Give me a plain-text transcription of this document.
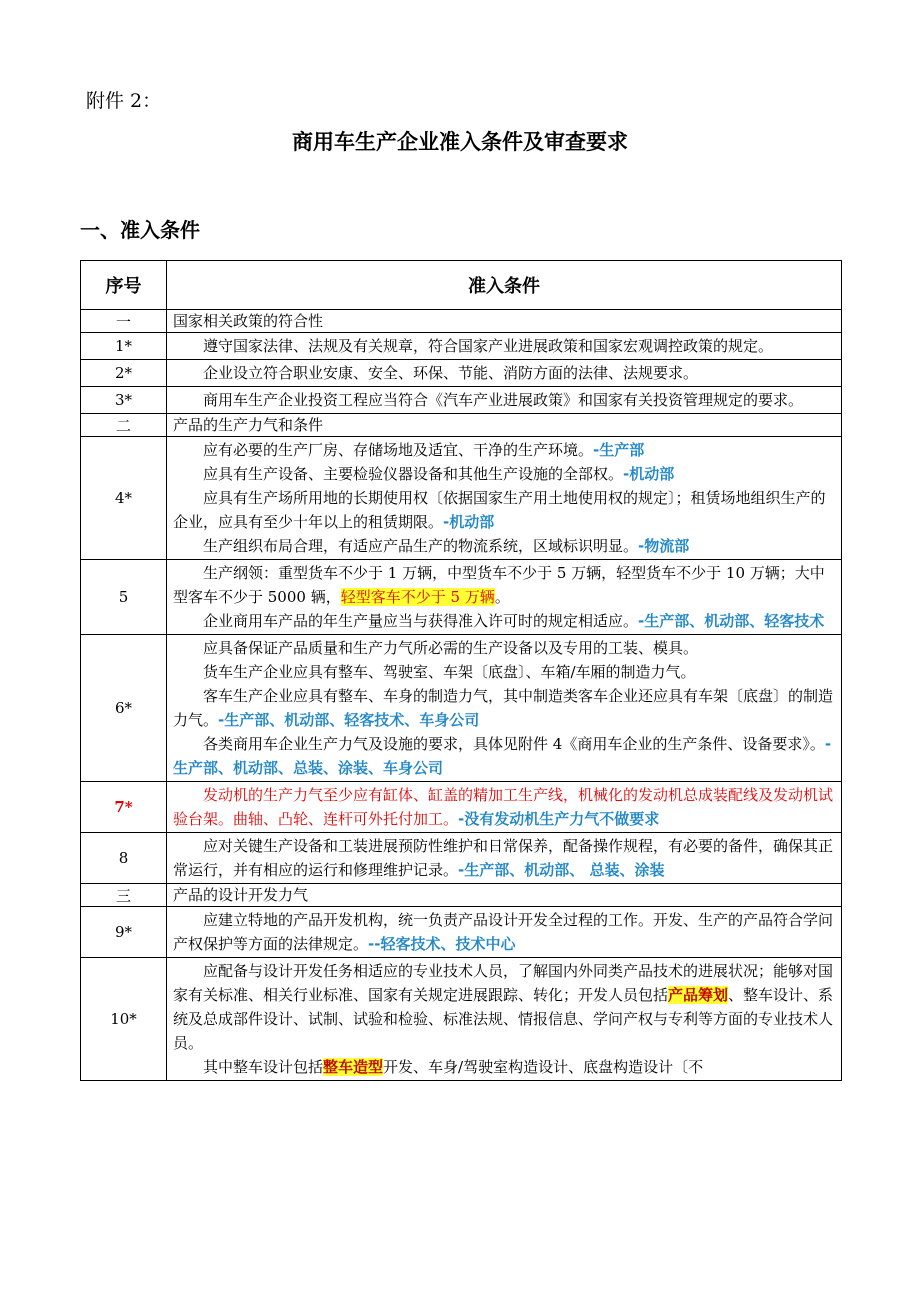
附件 2：
商用车生产企业准入条件及审查要求
一、准入条件
序号	准入条件
一	国家相关政策的符合性
1*	遵守国家法律、法规及有关规章，符合国家产业进展政策和国家宏观调控政策的规定。

2*	企业设立符合职业安康、安全、环保、节能、消防方面的法律、法规要求。

3*	商用车生产企业投资工程应当符合《汽车产业进展政策》和国家有关投资管理规定的要求。

二	产品的生产力气和条件
4*	应有必要的生产厂房、存储场地及适宜、干净的生产环境。-生产部

应具有生产设备、主要检验仪器设备和其他生产设施的全部权。-机动部

应具有生产场所用地的长期使用权〔依据国家生产用土地使用权的规定〕；租赁场地组织生产的企业，应具有至少十年以上的租赁期限。-机动部

生产组织布局合理，有适应产品生产的物流系统，区域标识明显。-物流部

5	生产纲领：重型货车不少于 1 万辆，中型货车不少于 5 万辆，轻型货车不少于 10 万辆；大中型客车不少于 5000 辆，轻型客车不少于 5 万辆。

企业商用车产品的年生产量应当与获得准入许可时的规定相适应。-生产部、机动部、轻客技术

6*	应具备保证产品质量和生产力气所必需的生产设备以及专用的工装、模具。

货车生产企业应具有整车、驾驶室、车架〔底盘〕、车箱/车厢的制造力气。

客车生产企业应具有整车、车身的制造力气，其中制造类客车企业还应具有车架〔底盘〕的制造力气。-生产部、机动部、轻客技术、车身公司

各类商用车企业生产力气及设施的要求，具体见附件 4《商用车企业的生产条件、设备要求》。-生产部、机动部、总装、涂装、车身公司

7*	发动机的生产力气至少应有缸体、缸盖的精加工生产线，机械化的发动机总成装配线及发动机试验台架。曲轴、凸轮、连杆可外托付加工。-没有发动机生产力气不做要求

8	应对关键生产设备和工装进展预防性维护和日常保养，配备操作规程，有必要的备件，确保其正常运行，并有相应的运行和修理维护记录。-生产部、机动部、 总装、涂装

三	产品的设计开发力气
9*	应建立特地的产品开发机构，统一负责产品设计开发全过程的工作。开发、生产的产品符合学问产权保护等方面的法律规定。--轻客技术、技术中心

10*	应配备与设计开发任务相适应的专业技术人员，了解国内外同类产品技术的进展状况；能够对国家有关标准、相关行业标准、国家有关规定进展跟踪、转化；开发人员包括产品筹划、整车设计、系统及总成部件设计、试制、试验和检验、标准法规、情报信息、学问产权与专利等方面的专业技术人员。

其中整车设计包括整车造型开发、车身/驾驶室构造设计、底盘构造设计〔不
